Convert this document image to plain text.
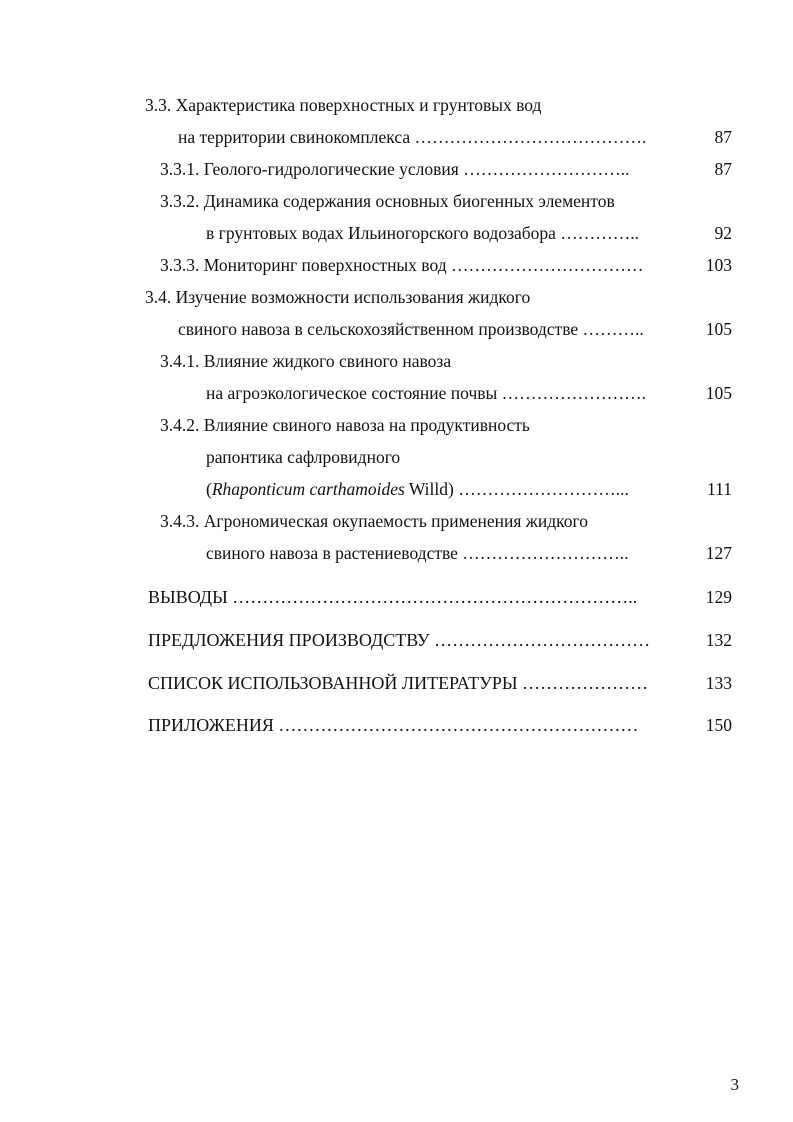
3.3. Характеристика поверхностных и грунтовых вод
на территории свинокомплекса ………………………………….	87
3.3.1. Геолого-гидрологические условия ………………………..	87
3.3.2. Динамика содержания основных биогенных элементов
в грунтовых водах Ильиногорского водозабора …………..	92
3.3.3. Мониторинг поверхностных вод ……………………………	103
3.4. Изучение возможности использования жидкого
свиного навоза в сельскохозяйственном производстве ………..	105
3.4.1. Влияние жидкого свиного навоза
на агроэкологическое состояние почвы …………………….	105
3.4.2. Влияние свиного навоза на продуктивность
рапонтика сафлровидного
(Rhaponticum carthamoides Willd) ………………………...	111
3.4.3. Агрономическая окупаемость применения жидкого
свиного навоза в растениеводстве ………………………..	127
ВЫВОДЫ …………………………………………………………..	129
ПРЕДЛОЖЕНИЯ ПРОИЗВОДСТВУ ………………………………	132
СПИСОК ИСПОЛЬЗОВАННОЙ ЛИТЕРАТУРЫ …………………	133
ПРИЛОЖЕНИЯ ……………………………………………………	150
3
